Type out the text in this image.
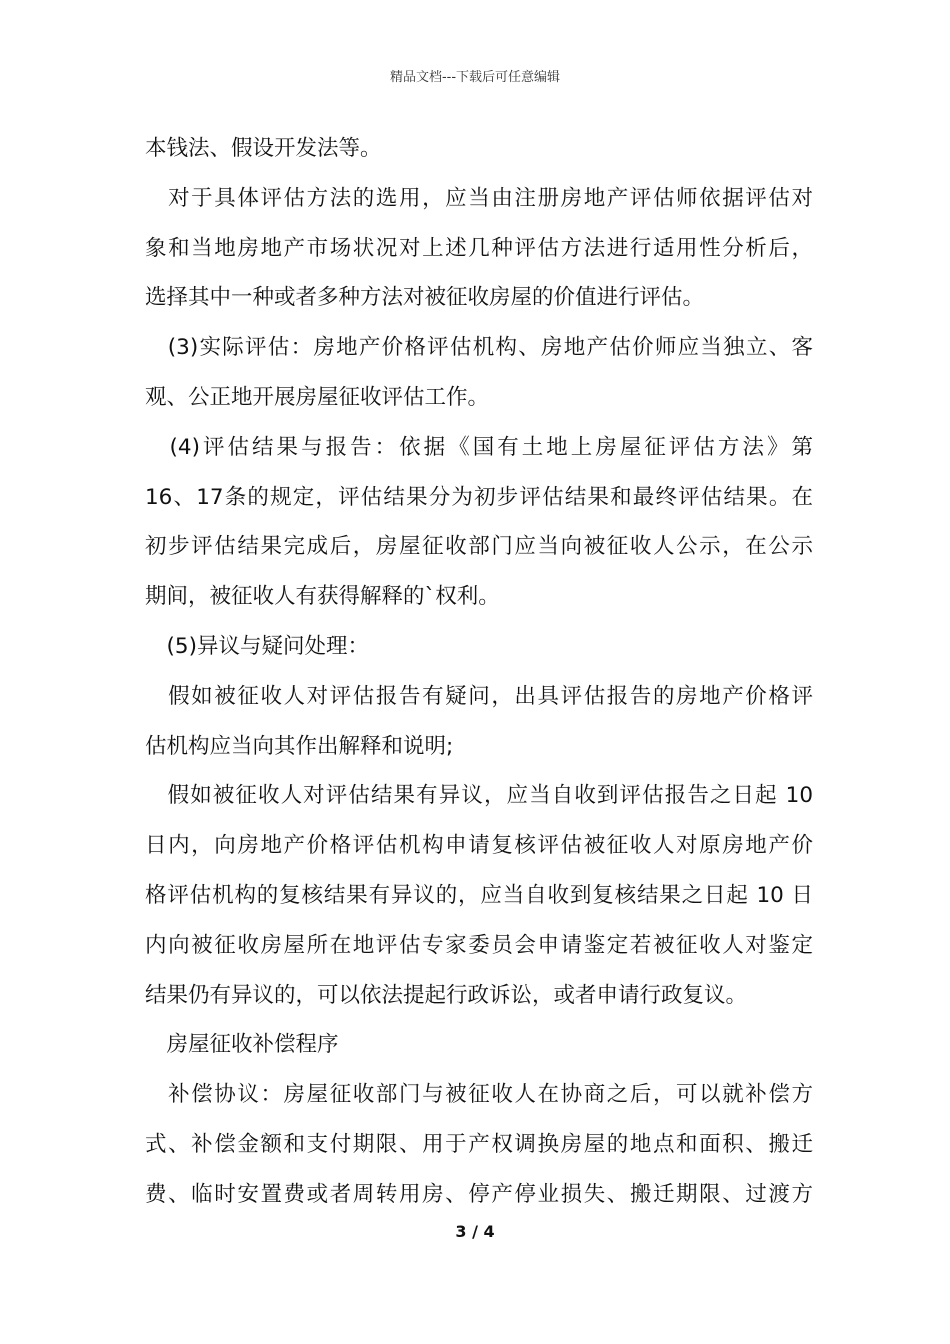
精品文档---下载后可任意编辑
本钱法、假设开发法等。
　对于具体评估方法的选用，应当由注册房地产评估师依据评估对
象和当地房地产市场状况对上述几种评估方法进行适用性分析后，
选择其中一种或者多种方法对被征收房屋的价值进行评估。
　(3)实际评估：房地产价格评估机构、房地产估价师应当独立、客
观、公正地开展房屋征收评估工作。
　(4)评估结果与报告：依据《国有土地上房屋征评估方法》第
16、17条的规定，评估结果分为初步评估结果和最终评估结果。在
初步评估结果完成后，房屋征收部门应当向被征收人公示，在公示
期间，被征收人有获得解释的`权利。
　(5)异议与疑问处理：
　假如被征收人对评估报告有疑问，出具评估报告的房地产价格评
估机构应当向其作出解释和说明;
　假如被征收人对评估结果有异议，应当自收到评估报告之日起 10
日内，向房地产价格评估机构申请复核评估被征收人对原房地产价
格评估机构的复核结果有异议的，应当自收到复核结果之日起 10 日
内向被征收房屋所在地评估专家委员会申请鉴定若被征收人对鉴定
结果仍有异议的，可以依法提起行政诉讼，或者申请行政复议。
　房屋征收补偿程序
　补偿协议：房屋征收部门与被征收人在协商之后，可以就补偿方
式、补偿金额和支付期限、用于产权调换房屋的地点和面积、搬迁
费、临时安置费或者周转用房、停产停业损失、搬迁期限、过渡方
3 / 4
